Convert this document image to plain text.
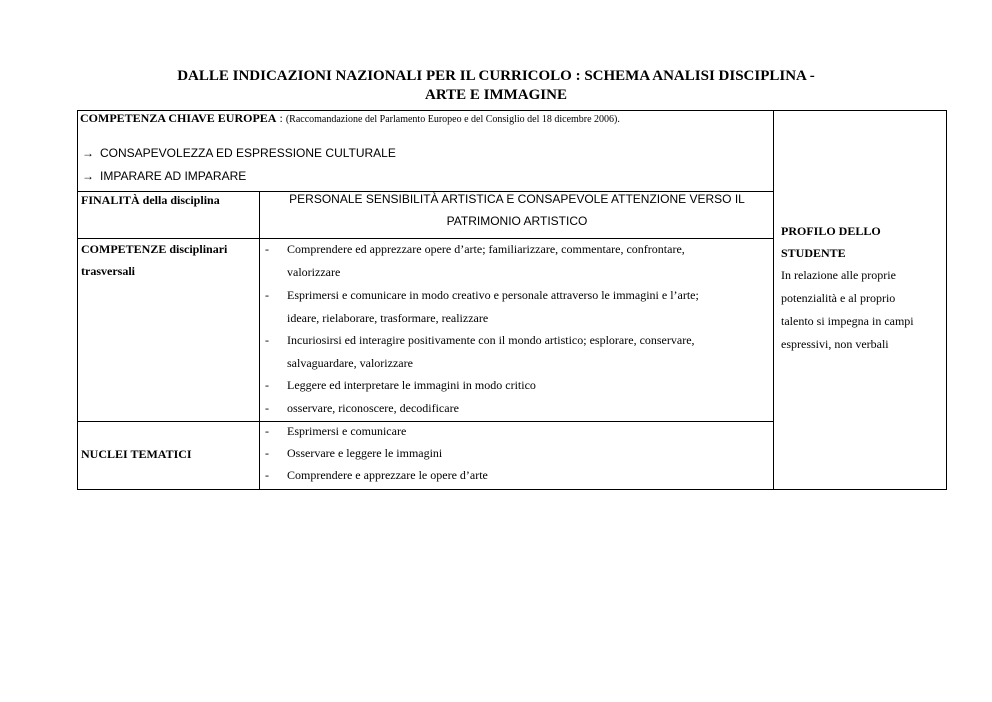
DALLE INDICAZIONI NAZIONALI PER IL CURRICOLO : SCHEMA ANALISI DISCIPLINA -
ARTE E IMMAGINE
COMPETENZA CHIAVE EUROPEA : (Raccomandazione del Parlamento Europeo e del Consiglio del 18 dicembre 2006).
→ CONSAPEVOLEZZA ED ESPRESSIONE CULTURALE
→ IMPARARE AD IMPARARE
FINALITÀ della disciplina	PERSONALE SENSIBILITÀ ARTISTICA E CONSAPEVOLE ATTENZIONE VERSO IL
PATRIMONIO ARTISTICO
COMPETENZE disciplinari
trasversali
- Comprendere ed apprezzare opere d’arte; familiarizzare, commentare, confrontare,
valorizzare
- Esprimersi e comunicare in modo creativo e personale attraverso le immagini e l’arte;
ideare, rielaborare, trasformare, realizzare
- Incuriosirsi ed interagire positivamente con il mondo artistico; esplorare, conservare,
salvaguardare, valorizzare
- Leggere ed interpretare le immagini in modo critico
- osservare, riconoscere, decodificare
NUCLEI TEMATICI
- Esprimersi e comunicare
- Osservare e leggere le immagini
- Comprendere e apprezzare le opere d’arte
PROFILO DELLO
STUDENTE
In relazione alle proprie
potenzialità e al proprio
talento si impegna in campi
espressivi, non verbali
